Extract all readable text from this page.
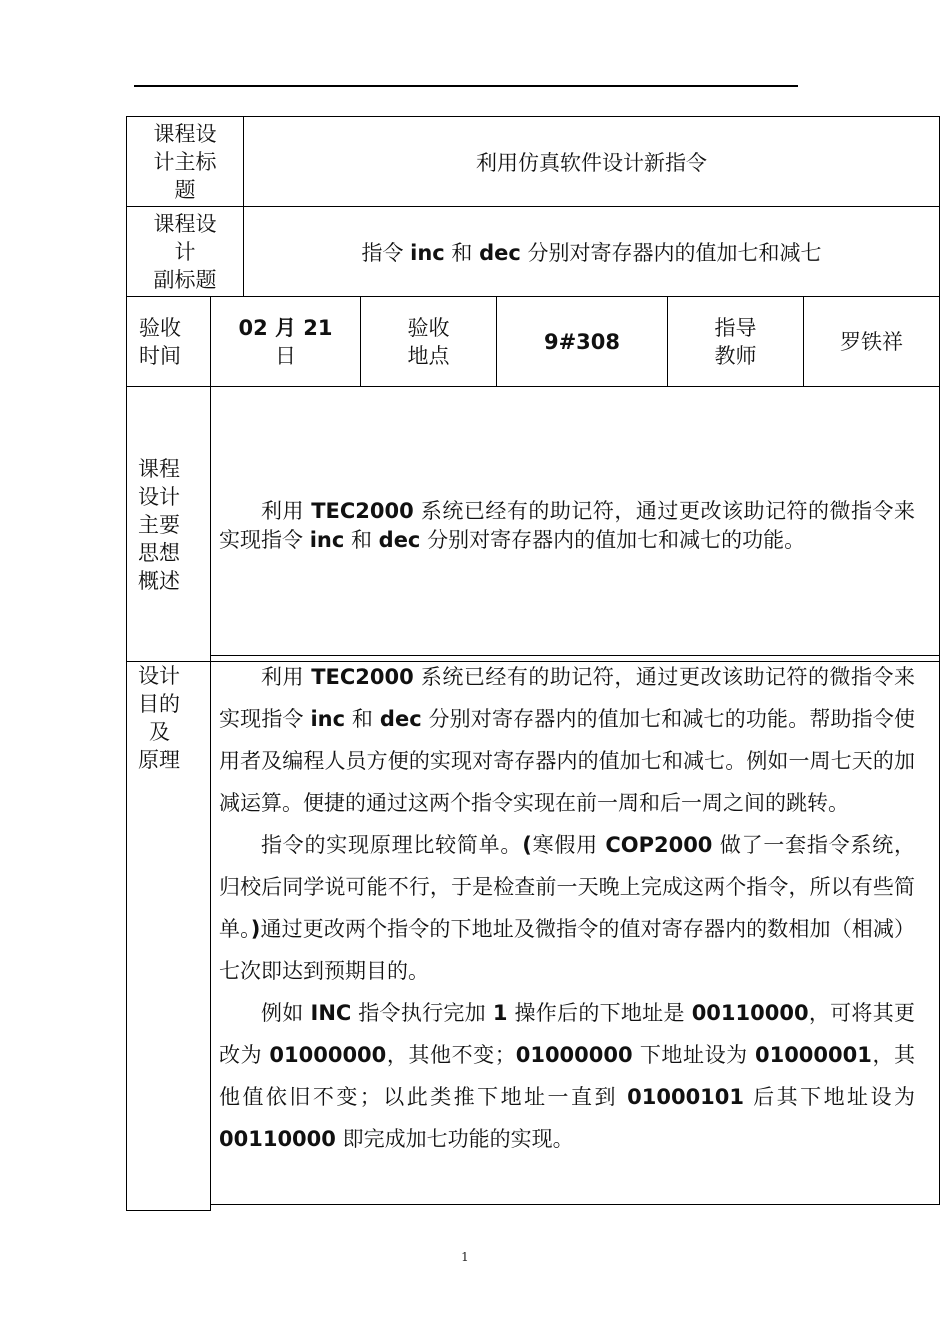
课程设
计主标
题
利用仿真软件设计新指令
课程设
计
副标题
指令 inc 和 dec 分别对寄存器内的值加七和减七
验收
时间
02 月 21
日
验收
地点
9#308
指导
教师
罗铁祥
课程
设计
主要
思想
概述

利用 TEC2000 系统已经有的助记符，通过更改该助记符的微指令来实现指令 inc 和 dec 分别对寄存器内的值加七和减七的功能。

设计
目的
及
原理

利用 TEC2000 系统已经有的助记符，通过更改该助记符的微指令来实现指令 inc 和 dec 分别对寄存器内的值加七和减七的功能。帮助指令使用者及编程人员方便的实现对寄存器内的值加七和减七。例如一周七天的加减运算。便捷的通过这两个指令实现在前一周和后一周之间的跳转。

指令的实现原理比较简单。(寒假用 COP2000 做了一套指令系统，归校后同学说可能不行，于是检查前一天晚上完成这两个指令，所以有些简单。)通过更改两个指令的下地址及微指令的值对寄存器内的数相加（相减）七次即达到预期目的。

例如 INC 指令执行完加 1 操作后的下地址是 00110000，可将其更改为 01000000，其他不变；01000000 下地址设为 01000001，其他值依旧不变；以此类推下地址一直到 01000101 后其下地址设为 00110000 即完成加七功能的实现。

1
